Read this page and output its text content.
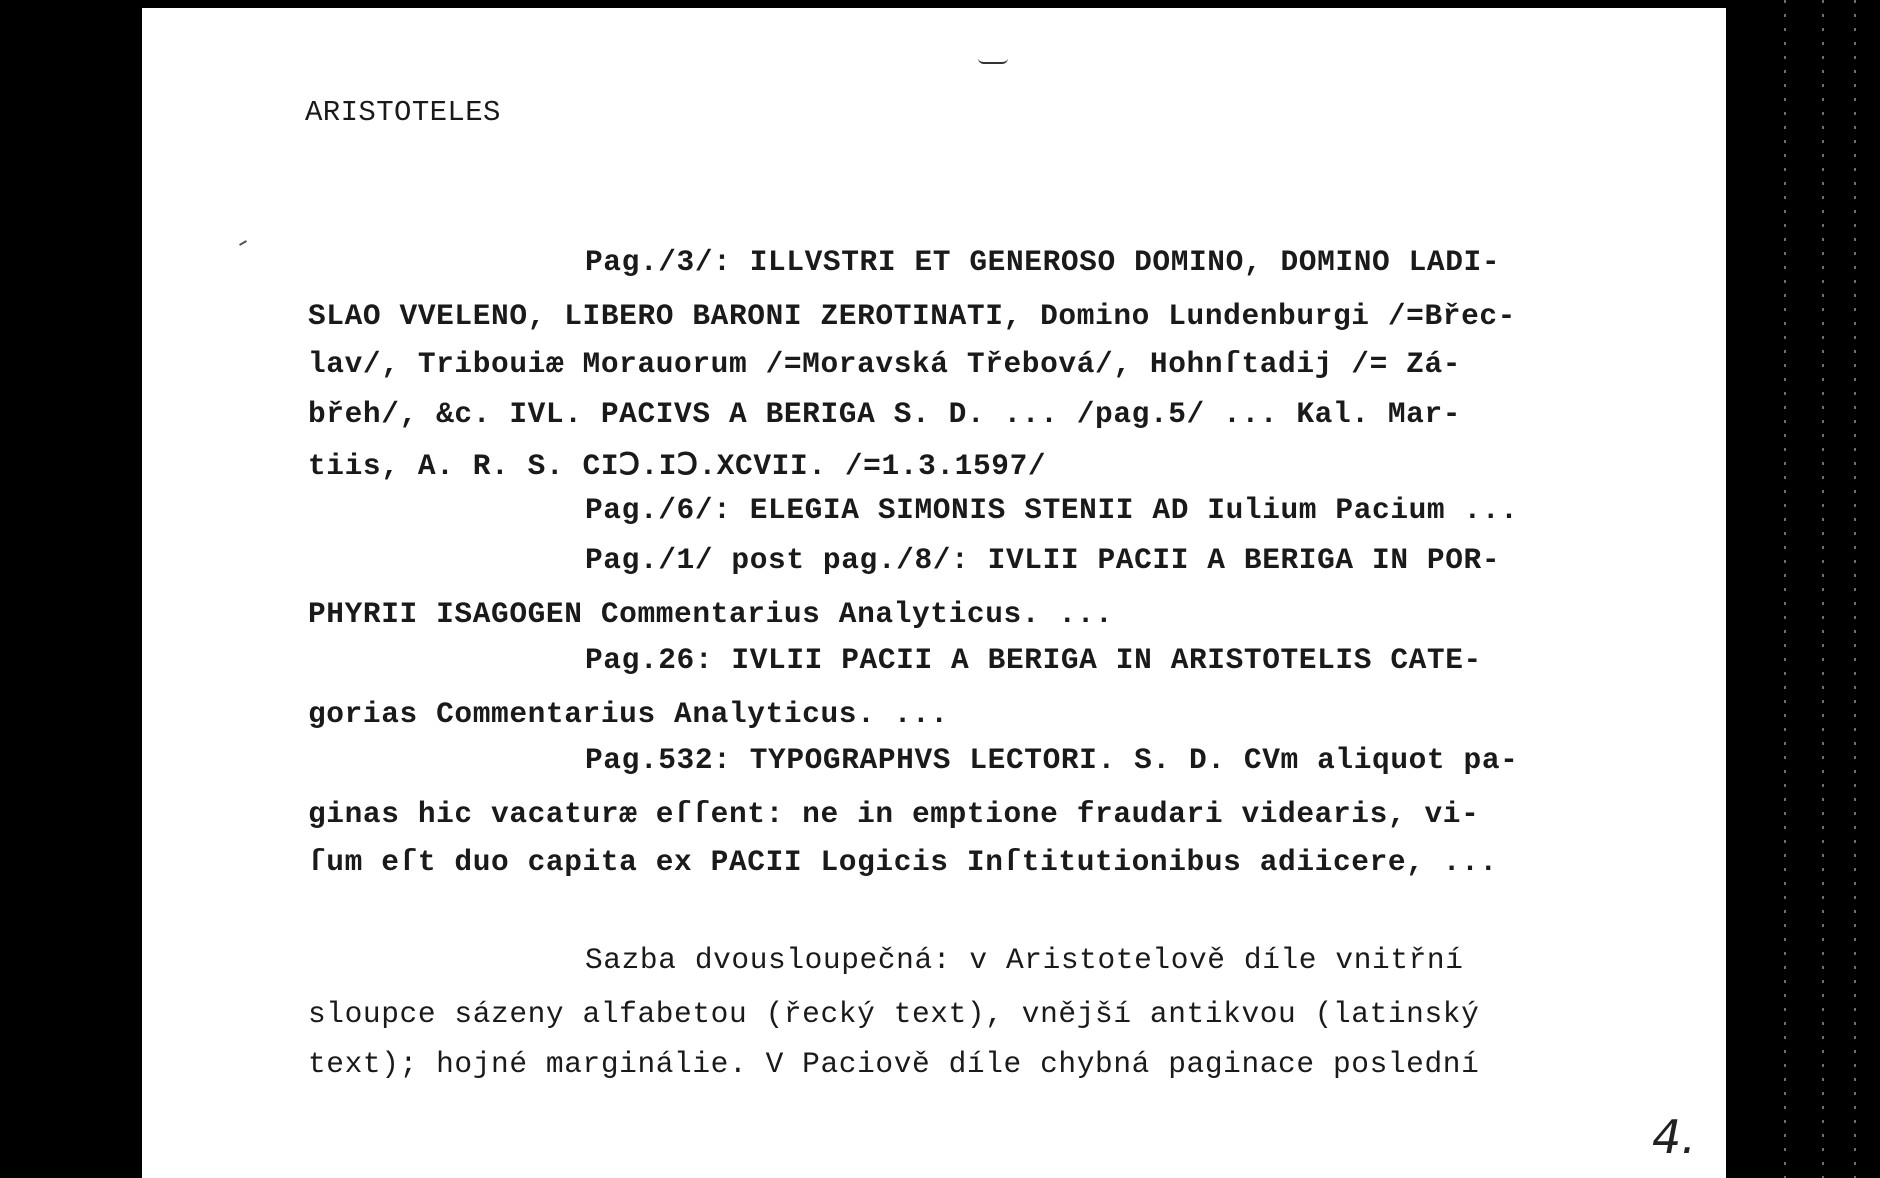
ARISTOTELES
Pag./3/: ILLVSTRI ET GENEROSO DOMINO, DOMINO LADI-
SLAO VVELENO, LIBERO BARONI ZEROTINATI, Domino Lundenburgi /=Břec-
lav/, Tribouiæ Morauorum /=Moravská Třebová/, Hohnſtadij /= Zá-
břeh/, &c. IVL. PACIVS A BERIGA S. D. ... /pag.5/ ... Kal. Mar-
tiis, A. R. S. CIↃ.IↃ.XCVII. /=1.3.1597/
Pag./6/: ELEGIA SIMONIS STENII AD Iulium Pacium ...
Pag./1/ post pag./8/: IVLII PACII A BERIGA IN POR-
PHYRII ISAGOGEN Commentarius Analyticus. ...
Pag.26: IVLII PACII A BERIGA IN ARISTOTELIS CATE-
gorias Commentarius Analyticus. ...
Pag.532: TYPOGRAPHVS LECTORI. S. D. CVm aliquot pa-
ginas hic vacaturæ eſſent: ne in emptione fraudari videaris, vi-
ſum eſt duo capita ex PACII Logicis Inſtitutionibus adiicere, ...
Sazba dvousloupečná: v Aristotelově díle vnitřní
sloupce sázeny alfabetou (řecký text), vnější antikvou (latinský
text); hojné marginálie. V Paciově díle chybná paginace poslední
4.
